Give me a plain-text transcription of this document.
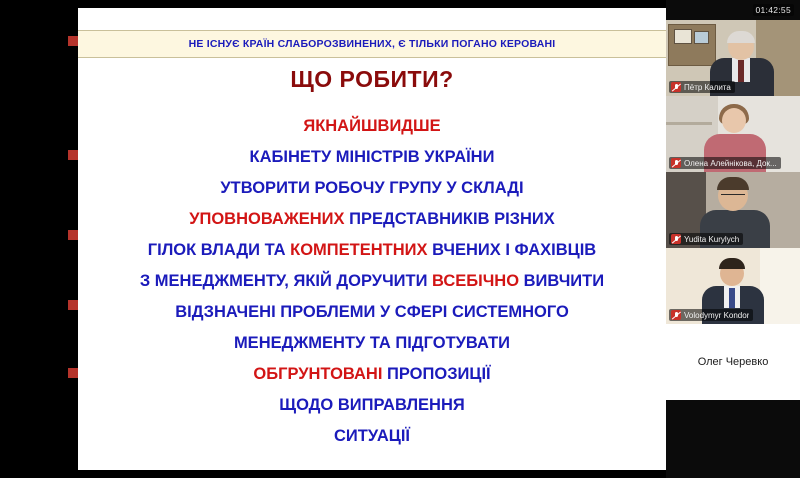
НЕ ІСНУЄ КРАЇН СЛАБОРОЗВИНЕНИХ, Є ТІЛЬКИ ПОГАНО КЕРОВАНІ
ЩО РОБИТИ?
ЯКНАЙШВИДШЕ
КАБІНЕТУ МІНІСТРІВ УКРАЇНИ
УТВОРИТИ РОБОЧУ ГРУПУ У СКЛАДІ
УПОВНОВАЖЕНИХ ПРЕДСТАВНИКІВ РІЗНИХ
ГІЛОК ВЛАДИ ТА КОМПЕТЕНТНИХ ВЧЕНИХ І ФАХІВЦІВ
З МЕНЕДЖМЕНТУ, ЯКІЙ ДОРУЧИТИ ВСЕБІЧНО ВИВЧИТИ
ВІДЗНАЧЕНІ ПРОБЛЕМИ У СФЕРІ СИСТЕМНОГО
МЕНЕДЖМЕНТУ ТА ПІДГОТУВАТИ
ОБГРУНТОВАНІ ПРОПОЗИЦІЇ
ЩОДО ВИПРАВЛЕННЯ
СИТУАЦІЇ
01:42:55
Пётр Калита
Олена Алейнікова, Док...
Yudita Kurylych
Volodymyr Kondor
Олег Черевко
